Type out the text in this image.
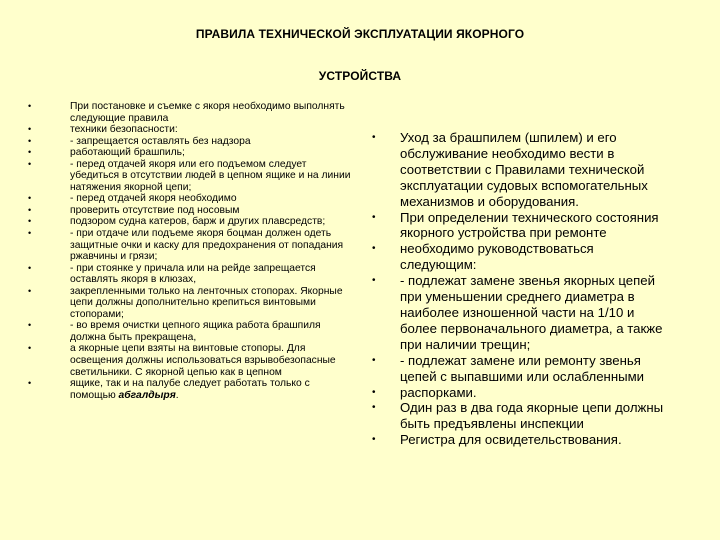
ПРАВИЛА ТЕХНИЧЕСКОЙ ЭКСПЛУАТАЦИИ ЯКОРНОГО
УСТРОЙСТВА
•	При постановке и съемке с якоря необходимо выполнять следующие правила
•	техники безопасности:
•	- запрещается оставлять без надзора
•	работающий брашпиль;
•	- перед отдачей якоря или его подъемом следует убедиться в отсутствии людей в цепном ящике и на линии натяжения якорной цепи;
•	- перед отдачей якоря необходимо
•	проверить отсутствие под носовым
•	подзором судна катеров, барж и других плавсредств;
•	- при отдаче или подъеме якоря боцман должен одеть защитные очки и каску для предохранения от попадания ржавчины и грязи;
•	- при стоянке у причала или на рейде запрещается оставлять якоря в клюзах,
•	закрепленными только на ленточных стопорах. Якорные цепи должны дополнительно крепиться винтовыми стопорами;
•	- во время очистки цепного ящика работа брашпиля должна быть прекращена,
•	а якорные цепи взяты на винтовые стопоры. Для освещения должны использоваться взрывобезопасные светильники. С якорной цепью как в цепном
•	ящике, так и на палубе следует работать только с помощью абгалдыря.
• Уход за брашпилем (шпилем) и его обслуживание необходимо вести в соответствии с Правилами технической эксплуатации судовых вспомогательных механизмов и оборудования.
• При определении технического состояния якорного устройства при ремонте
• необходимо руководствоваться следующим:
• - подлежат замене звенья якорных цепей при уменьшении среднего диаметра в наиболее изношенной части на 1/10 и более первоначального диаметра, а также при наличии трещин;
• - подлежат замене или ремонту звенья цепей с выпавшими или ослабленными
• распорками.
• Один раз в два года якорные цепи должны быть предъявлены инспекции
• Регистра для освидетельствования.
